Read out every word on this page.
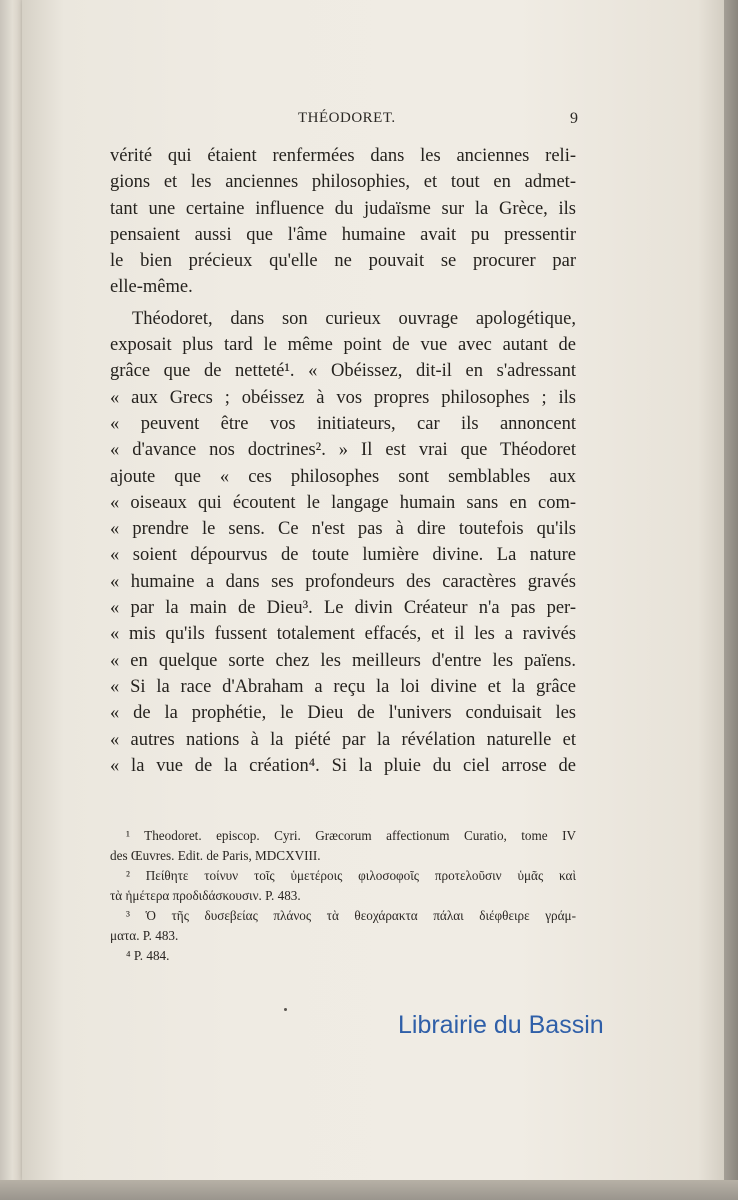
THÉODORET.	9
vérité qui étaient renfermées dans les anciennes reli-
gions et les anciennes philosophies, et tout en admet-
tant une certaine influence du judaïsme sur la Grèce, ils
pensaient aussi que l'âme humaine avait pu pressentir
le bien précieux qu'elle ne pouvait se procurer par
elle-même.
Théodoret, dans son curieux ouvrage apologétique,
exposait plus tard le même point de vue avec autant de
grâce que de netteté¹. « Obéissez, dit-il en s'adressant
« aux Grecs ; obéissez à vos propres philosophes ; ils
« peuvent être vos initiateurs, car ils annoncent
« d'avance nos doctrines². » Il est vrai que Théodoret
ajoute que « ces philosophes sont semblables aux
« oiseaux qui écoutent le langage humain sans en com-
« prendre le sens. Ce n'est pas à dire toutefois qu'ils
« soient dépourvus de toute lumière divine. La nature
« humaine a dans ses profondeurs des caractères gravés
« par la main de Dieu³. Le divin Créateur n'a pas per-
« mis qu'ils fussent totalement effacés, et il les a ravivés
« en quelque sorte chez les meilleurs d'entre les païens.
« Si la race d'Abraham a reçu la loi divine et la grâce
« de la prophétie, le Dieu de l'univers conduisait les
« autres nations à la piété par la révélation naturelle et
« la vue de la création⁴. Si la pluie du ciel arrose de
¹ Theodoret. episcop. Cyri. Græcorum affectionum Curatio, tome IV
des Œuvres. Edit. de Paris, MDCXVIII.
² Πείθητε τοίνυν τοῖς ὑμετέροις φιλοσοφοῖς προτελοῦσιν ὑμᾶς καὶ
τὰ ἡμέτερα προδιδάσκουσιν. P. 483.
³ Ὁ τῆς δυσεβείας πλάνος τὰ θεοχάρακτα πάλαι διέφθειρε γράμ-
ματα. P. 483.
⁴ P. 484.
Librairie du Bassin
